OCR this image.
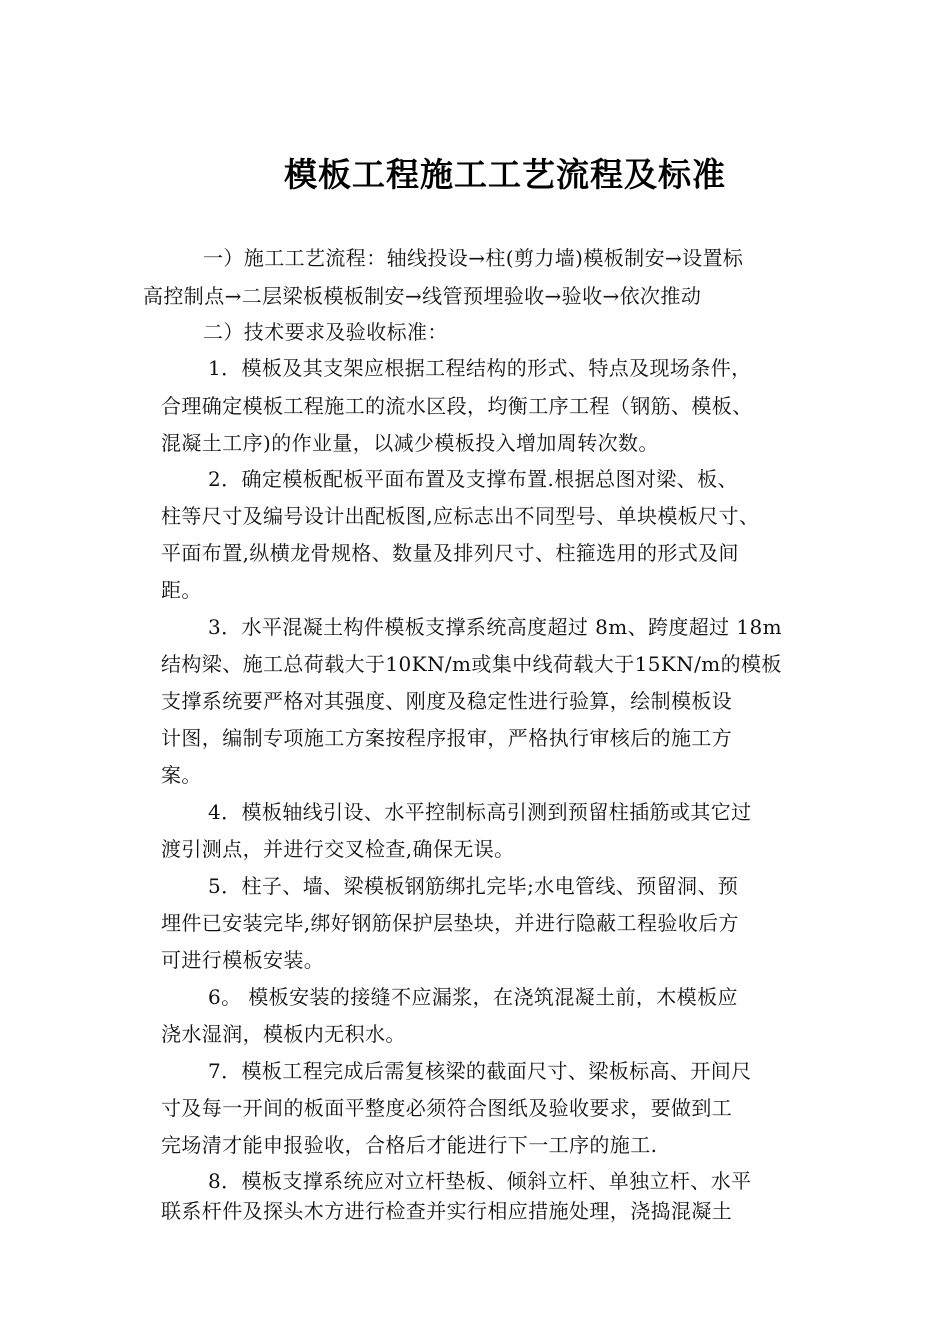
模板工程施工工艺流程及标准
一）施工工艺流程：轴线投设→柱(剪力墙)模板制安→设置标
高控制点→二层梁板模板制安→线管预埋验收→验收→依次推动
二）技术要求及验收标准：
1．模板及其支架应根据工程结构的形式、特点及现场条件，
合理确定模板工程施工的流水区段，均衡工序工程（钢筋、模板、
混凝土工序)的作业量，以减少模板投入增加周转次数。
2．确定模板配板平面布置及支撑布置.根据总图对梁、板、
柱等尺寸及编号设计出配板图,应标志出不同型号、单块模板尺寸、
平面布置,纵横龙骨规格、数量及排列尺寸、柱箍选用的形式及间
距。
3．水平混凝土构件模板支撑系统高度超过 8m、跨度超过 18m
结构梁、施工总荷载大于10KN/m或集中线荷载大于15KN/m的模板
支撑系统要严格对其强度、刚度及稳定性进行验算，绘制模板设
计图，编制专项施工方案按程序报审，严格执行审核后的施工方
案。
4．模板轴线引设、水平控制标高引测到预留柱插筋或其它过
渡引测点，并进行交叉检查,确保无误。
5．柱子、墙、梁模板钢筋绑扎完毕;水电管线、预留洞、预
埋件已安装完毕,绑好钢筋保护层垫块，并进行隐蔽工程验收后方
可进行模板安装。
6。 模板安装的接缝不应漏浆，在浇筑混凝土前，木模板应
浇水湿润，模板内无积水。
7．模板工程完成后需复核梁的截面尺寸、梁板标高、开间尺
寸及每一开间的板面平整度必须符合图纸及验收要求，要做到工
完场清才能申报验收，合格后才能进行下一工序的施工.
8．模板支撑系统应对立杆垫板、倾斜立杆、单独立杆、水平
联系杆件及探头木方进行检查并实行相应措施处理，浇捣混凝土
